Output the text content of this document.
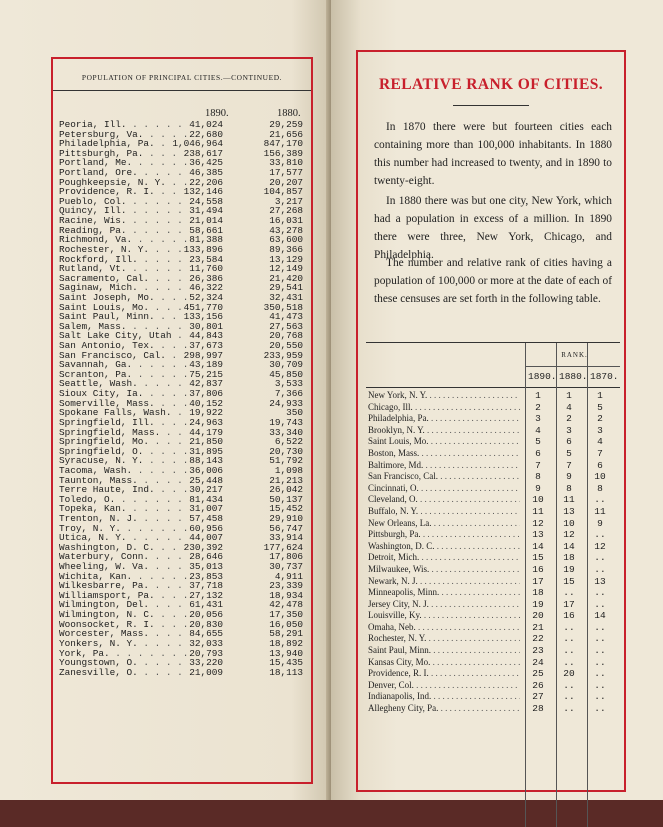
POPULATION OF PRINCIPAL CITIES.—CONTINUED.
1890.	1880.
Peoria, Ill. . . .	41,024	29,259
Petersburg, Va. . . .	22,680	21,656
Philadelphia, Pa. . . .	1,046,964	847,170
Pittsburgh, Pa. . . .	238,617	156,389
Portland, Me. . . .	36,425	33,810
Portland, Ore. . . .	46,385	17,577
Poughkeepsie, N. Y. . . .	22,206	20,207
Providence, R. I. . . .	132,146	104,857
Pueblo, Col. . . .	24,558	3,217
Quincy, Ill. . . .	31,494	27,268
Racine, Wis. . . .	21,014	16,031
Reading, Pa. . . .	58,661	43,278
Richmond, Va. . . .	81,388	63,600
Rochester, N. Y. . . .	133,896	89,366
Rockford, Ill. . . .	23,584	13,129
Rutland, Vt. . . .	11,760	12,149
Sacramento, Cal. . . .	26,386	21,420
Saginaw, Mich. . . .	46,322	29,541
Saint Joseph, Mo. . . .	52,324	32,431
Saint Louis, Mo. . . .	451,770	350,518
Saint Paul, Minn. . . .	133,156	41,473
Salem, Mass. . . .	30,801	27,563
Salt Lake City, Utah . . .	44,843	20,768
San Antonio, Tex. . . .	37,673	20,550
San Francisco, Cal. . . .	298,997	233,959
Savannah, Ga. . . .	43,189	30,709
Scranton, Pa. . . .	75,215	45,850
Seattle, Wash. . . .	42,837	3,533
Sioux City, Ia. . . .	37,806	7,366
Somerville, Mass. . . .	40,152	24,933
Spokane Falls, Wash. . . .	19,922	350
Springfield, Ill. . . .	24,963	19,743
Springfield, Mass. . . .	44,179	33,340
Springfield, Mo. . . .	21,850	6,522
Springfield, O. . . .	31,895	20,730
Syracuse, N. Y. . . .	88,143	51,792
Tacoma, Wash. . . .	36,006	1,098
Taunton, Mass. . . .	25,448	21,213
Terre Haute, Ind. . . .	30,217	26,042
Toledo, O. . . .	81,434	50,137
Topeka, Kan. . . .	31,007	15,452
Trenton, N. J. . . .	57,458	29,910
Troy, N. Y. . . .	60,956	56,747
Utica, N. Y. . . .	44,007	33,914
Washington, D. C. . . .	230,392	177,624
Waterbury, Conn. . . .	28,646	17,806
Wheeling, W. Va. . . .	35,013	30,737
Wichita, Kan. . . .	23,853	4,911
Wilkesbarre, Pa. . . .	37,718	23,339
Williamsport, Pa. . . .	27,132	18,934
Wilmington, Del. . . .	61,431	42,478
Wilmington, N. C. . . .	20,056	17,350
Woonsocket, R. I. . . .	20,830	16,050
Worcester, Mass. . . .	84,655	58,291
Yonkers, N. Y. . . .	32,033	18,892
York, Pa. . . .	20,793	13,940
Youngstown, O. . . .	33,220	15,435
Zanesville, O. . . .	21,009	18,113
RELATIVE RANK OF CITIES.
In 1870 there were but fourteen cities each containing more than 100,000 inhabitants. In 1880 this number had increased to twenty, and in 1890 to twenty-eight.
In 1880 there was but one city, New York, which had a population in excess of a million. In 1890 there were three, New York, Chicago, and Philadelphia.
The number and relative rank of cities having a population of 100,000 or more at the date of each of these censuses are set forth in the following table.
RANK.
1890. 1880. 1870.
New York, N. Y. . . .	1	1	1
Chicago, Ill. . . .	2	4	5
Philadelphia, Pa. . . .	3	2	2
Brooklyn, N. Y. . . .	4	3	3
Saint Louis, Mo. . . .	5	6	4
Boston, Mass. . . .	6	5	7
Baltimore, Md. . . .	7	7	6
San Francisco, Cal. . . .	8	9	10
Cincinnati, O. . . .	9	8	8
Cleveland, O. . . .	10	11	..
Buffalo, N. Y. . . .	11	13	11
New Orleans, La. . . .	12	10	9
Pittsburgh, Pa. . . .	13	12	..
Washington, D. C. . . .	14	14	12
Detroit, Mich. . . .	15	18	..
Milwaukee, Wis. . . .	16	19	..
Newark, N. J. . . .	17	15	13
Minneapolis, Minn. . . .	18	..	..
Jersey City, N. J. . . .	19	17	..
Louisville, Ky. . . .	20	16	14
Omaha, Neb. . . .	21	..	..
Rochester, N. Y. . . .	22	..	..
Saint Paul, Minn. . . .	23	..	..
Kansas City, Mo. . . .	24	..	..
Providence, R. I. . . .	25	20	..
Denver, Col. . . .	26	..	..
Indianapolis, Ind. . . .	27	..	..
Allegheny City, Pa. . . .	28	..	..
